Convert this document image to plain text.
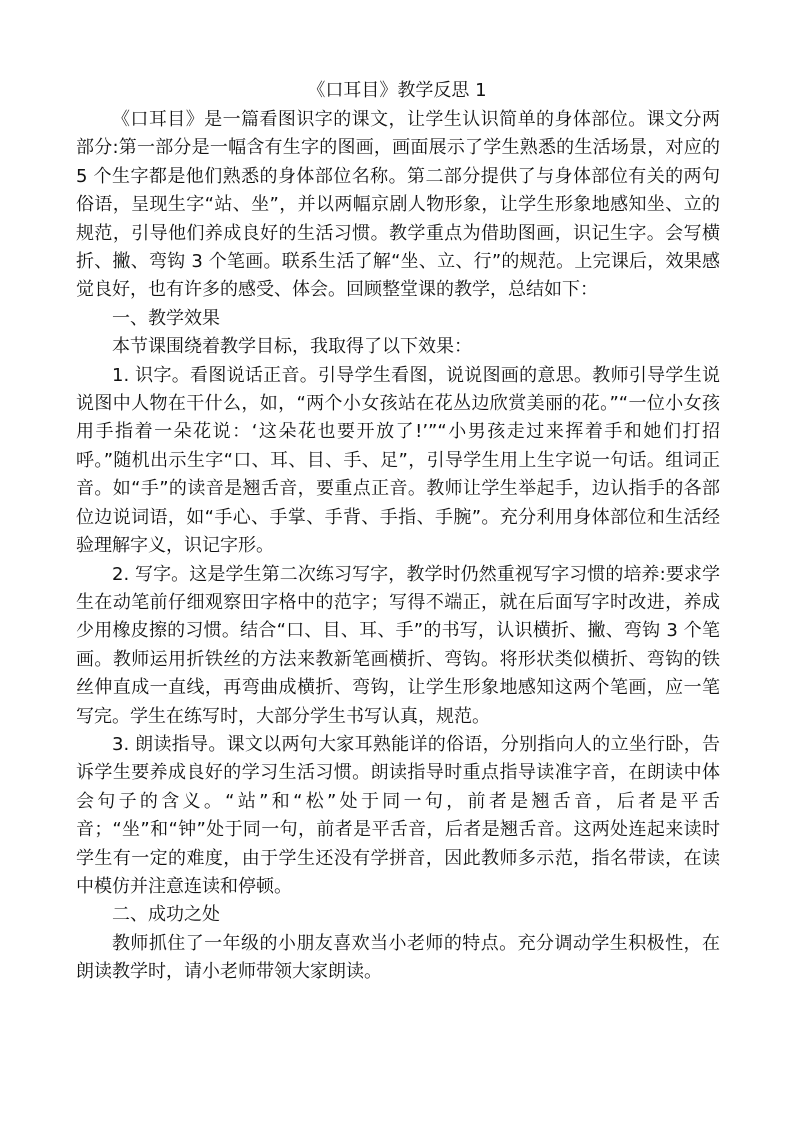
《口耳目》教学反思 1

《口耳目》是一篇看图识字的课文，让学生认识简单的身体部位。课文分两部分:第一部分是一幅含有生字的图画，画面展示了学生熟悉的生活场景，对应的 5 个生字都是他们熟悉的身体部位名称。第二部分提供了与身体部位有关的两句俗语，呈现生字“站、坐”，并以两幅京剧人物形象，让学生形象地感知坐、立的规范，引导他们养成良好的生活习惯。教学重点为借助图画，识记生字。会写横折、撇、弯钩 3 个笔画。联系生活了解“坐、立、行”的规范。上完课后，效果感觉良好，也有许多的感受、体会。回顾整堂课的教学，总结如下：

一、教学效果

本节课围绕着教学目标，我取得了以下效果：

1. 识字。看图说话正音。引导学生看图，说说图画的意思。教师引导学生说说图中人物在干什么，如，“两个小女孩站在花丛边欣赏美丽的花。”“一位小女孩用手指着一朵花说：‘这朵花也要开放了!’”“小男孩走过来挥着手和她们打招呼。”随机出示生字“口、耳、目、手、足”，引导学生用上生字说一句话。组词正音。如“手”的读音是翘舌音，要重点正音。教师让学生举起手，边认指手的各部位边说词语，如“手心、手掌、手背、手指、手腕”。充分利用身体部位和生活经验理解字义，识记字形。

2. 写字。这是学生第二次练习写字，教学时仍然重视写字习惯的培养:要求学生在动笔前仔细观察田字格中的范字；写得不端正，就在后面写字时改进，养成少用橡皮擦的习惯。结合“口、目、耳、手”的书写，认识横折、撇、弯钩 3 个笔画。教师运用折铁丝的方法来教新笔画横折、弯钩。将形状类似横折、弯钩的铁丝伸直成一直线，再弯曲成横折、弯钩，让学生形象地感知这两个笔画，应一笔写完。学生在练写时，大部分学生书写认真，规范。

3. 朗读指导。课文以两句大家耳熟能详的俗语，分别指向人的立坐行卧，告诉学生要养成良好的学习生活习惯。朗读指导时重点指导读准字音，在朗读中体会句子的含义。“站”和“松”处于同一句，前者是翘舌音，后者是平舌音；“坐”和“钟”处于同一句，前者是平舌音，后者是翘舌音。这两处连起来读时学生有一定的难度，由于学生还没有学拼音，因此教师多示范，指名带读，在读中模仿并注意连读和停顿。

二、成功之处

教师抓住了一年级的小朋友喜欢当小老师的特点。充分调动学生积极性，在朗读教学时，请小老师带领大家朗读。
